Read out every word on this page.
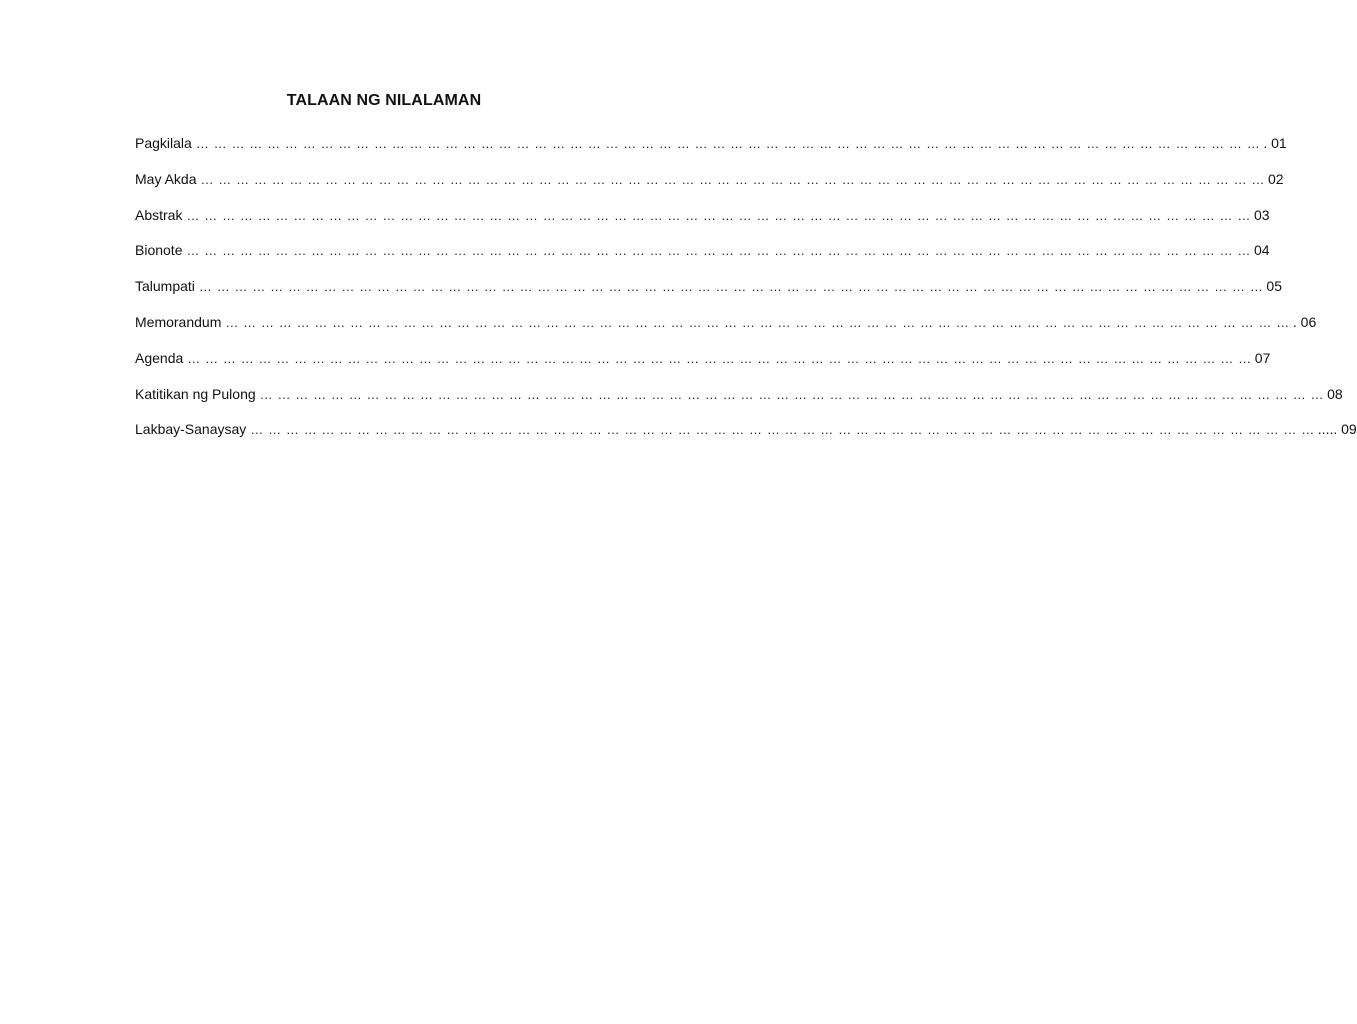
TALAAN NG NILALAMAN
Pagkilala … … … … … … … … … … … … … … … … … … … … … … … … … … … … … … … … … … … … … … … … … … … … … … … … … … … … … … … … … … … … . 01
May Akda … … … … … … … … … … … … … … … … … … … … … … … … … … … … … … … … … … … … … … … … … … … … … … … … … … … … … … … … … … … … 02
Abstrak … … … … … … … … … … … … … … … … … … … … … … … … … … … … … … … … … … … … … … … … … … … … … … … … … … … … … … … … … … … … 03
Bionote … … … … … … … … … … … … … … … … … … … … … … … … … … … … … … … … … … … … … … … … … … … … … … … … … … … … … … … … … … … … 04
Talumpati … … … … … … … … … … … … … … … … … … … … … … … … … … … … … … … … … … … … … … … … … … … … … … … … … … … … … … … … … … … … 05
Memorandum … … … … … … … … … … … … … … … … … … … … … … … … … … … … … … … … … … … … … … … … … … … … … … … … … … … … … … … … … … … … . 06
Agenda … … … … … … … … … … … … … … … … … … … … … … … … … … … … … … … … … … … … … … … … … … … … … … … … … … … … … … … … … … … … 07
Katitikan ng Pulong … … … … … … … … … … … … … … … … … … … … … … … … … … … … … … … … … … … … … … … … … … … … … … … … … … … … … … … … … … … … 08
Lakbay-Sanaysay … … … … … … … … … … … … … … … … … … … … … … … … … … … … … … … … … … … … … … … … … … … … … … … … … … … … … … … … … … … … ..... 09
